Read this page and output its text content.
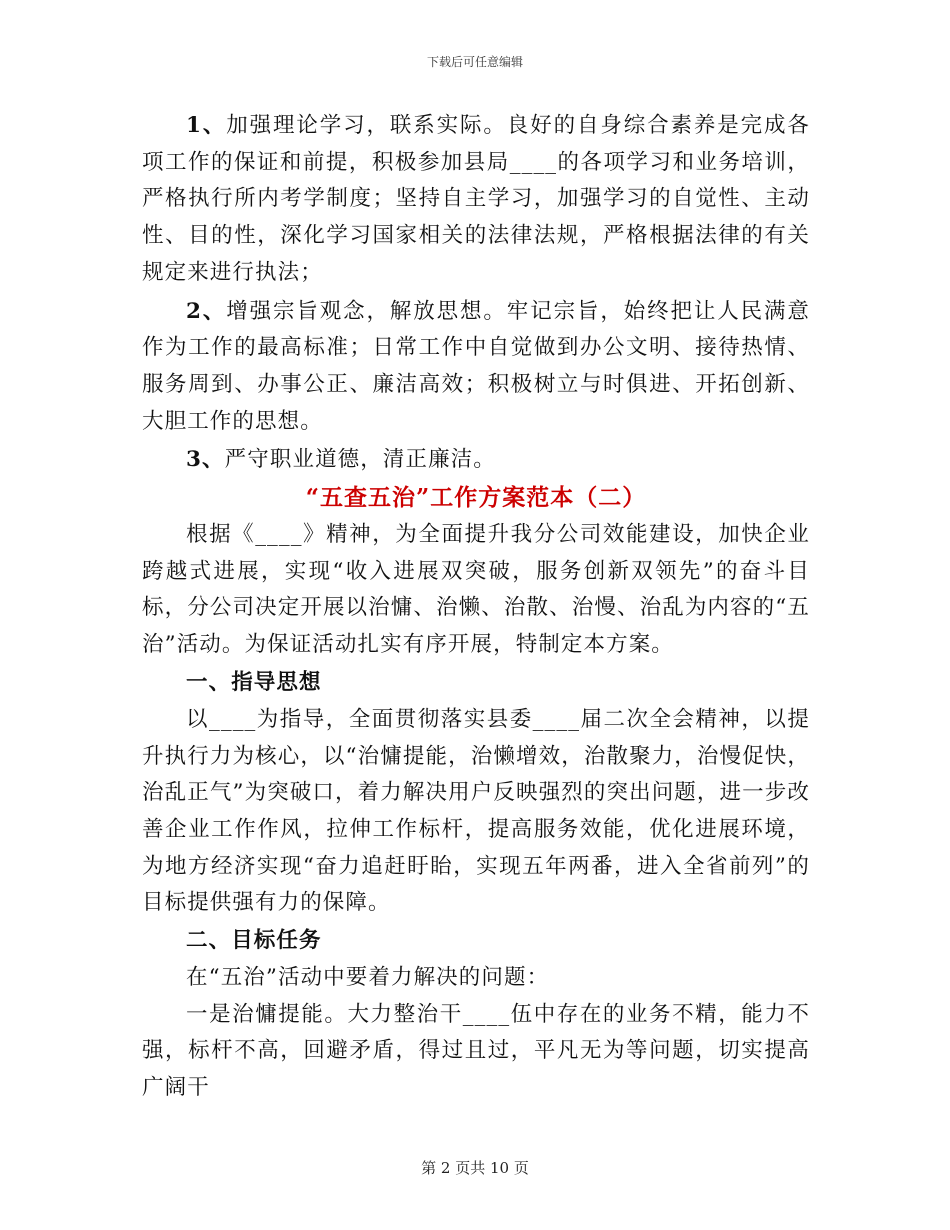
下载后可任意编辑

1、加强理论学习，联系实际。良好的自身综合素养是完成各项工作的保证和前提，积极参加县局____的各项学习和业务培训，严格执行所内考学制度；坚持自主学习，加强学习的自觉性、主动性、目的性，深化学习国家相关的法律法规，严格根据法律的有关规定来进行执法；

2、增强宗旨观念，解放思想。牢记宗旨，始终把让人民满意作为工作的最高标准；日常工作中自觉做到办公文明、接待热情、服务周到、办事公正、廉洁高效；积极树立与时俱进、开拓创新、大胆工作的思想。

3、严守职业道德，清正廉洁。

“五查五治”工作方案范本（二）

根据《____》精神，为全面提升我分公司效能建设，加快企业跨越式进展，实现“收入进展双突破，服务创新双领先”的奋斗目标，分公司决定开展以治慵、治懒、治散、治慢、治乱为内容的“五治”活动。为保证活动扎实有序开展，特制定本方案。

一、指导思想

以____为指导，全面贯彻落实县委____届二次全会精神，以提升执行力为核心，以“治慵提能，治懒增效，治散聚力，治慢促快，治乱正气”为突破口，着力解决用户反映强烈的突出问题，进一步改善企业工作作风，拉伸工作标杆，提高服务效能，优化进展环境，为地方经济实现“奋力追赶盱眙，实现五年两番，进入全省前列”的目标提供强有力的保障。

二、目标任务

在“五治”活动中要着力解决的问题：

一是治慵提能。大力整治干____伍中存在的业务不精，能力不强，标杆不高，回避矛盾，得过且过，平凡无为等问题，切实提高广阔干

第 2 页共 10 页
